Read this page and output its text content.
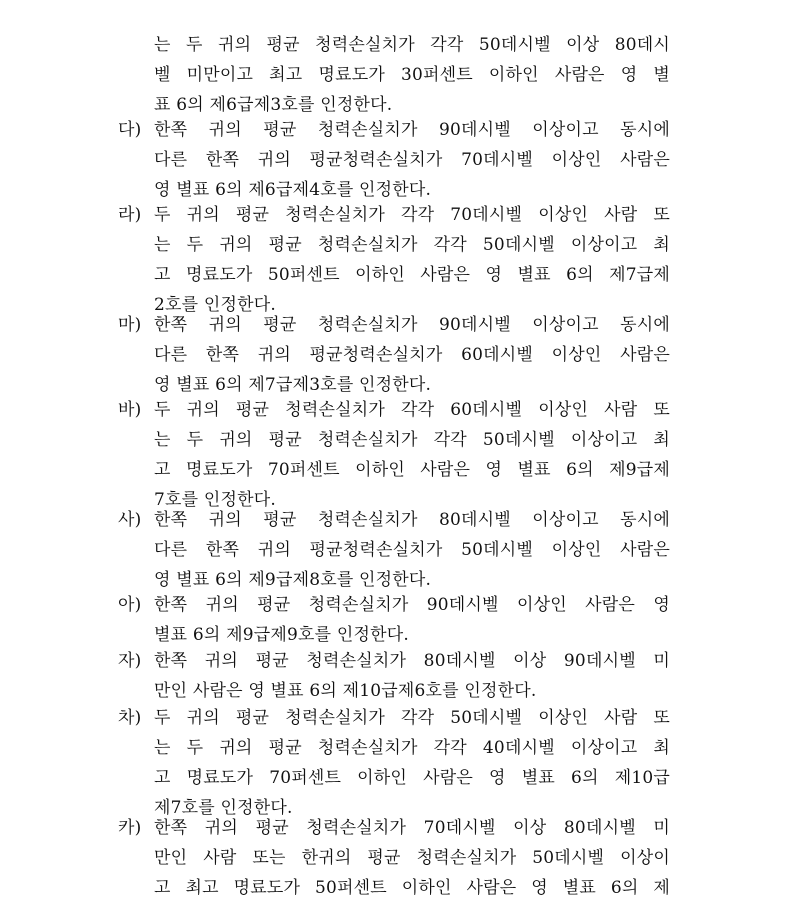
는 두 귀의 평균 청력손실치가 각각 50데시벨 이상 80데시
벨 미만이고 최고 명료도가 30퍼센트 이하인 사람은 영 별
표 6의 제6급제3호를 인정한다.
다) 한쪽 귀의 평균 청력손실치가 90데시벨 이상이고 동시에
다른 한쪽 귀의 평균청력손실치가 70데시벨 이상인 사람은
영 별표 6의 제6급제4호를 인정한다.
라) 두 귀의 평균 청력손실치가 각각 70데시벨 이상인 사람 또
는 두 귀의 평균 청력손실치가 각각 50데시벨 이상이고 최
고 명료도가 50퍼센트 이하인 사람은 영 별표 6의 제7급제
2호를 인정한다.
마) 한쪽 귀의 평균 청력손실치가 90데시벨 이상이고 동시에
다른 한쪽 귀의 평균청력손실치가 60데시벨 이상인 사람은
영 별표 6의 제7급제3호를 인정한다.
바) 두 귀의 평균 청력손실치가 각각 60데시벨 이상인 사람 또
는 두 귀의 평균 청력손실치가 각각 50데시벨 이상이고 최
고 명료도가 70퍼센트 이하인 사람은 영 별표 6의 제9급제
7호를 인정한다.
사) 한쪽 귀의 평균 청력손실치가 80데시벨 이상이고 동시에
다른 한쪽 귀의 평균청력손실치가 50데시벨 이상인 사람은
영 별표 6의 제9급제8호를 인정한다.
아) 한쪽 귀의 평균 청력손실치가 90데시벨 이상인 사람은 영
별표 6의 제9급제9호를 인정한다.
자) 한쪽 귀의 평균 청력손실치가 80데시벨 이상 90데시벨 미
만인 사람은 영 별표 6의 제10급제6호를 인정한다.
차) 두 귀의 평균 청력손실치가 각각 50데시벨 이상인 사람 또
는 두 귀의 평균 청력손실치가 각각 40데시벨 이상이고 최
고 명료도가 70퍼센트 이하인 사람은 영 별표 6의 제10급
제7호를 인정한다.
카) 한쪽 귀의 평균 청력손실치가 70데시벨 이상 80데시벨 미
만인 사람 또는 한귀의 평균 청력손실치가 50데시벨 이상이
고 최고 명료도가 50퍼센트 이하인 사람은 영 별표 6의 제
